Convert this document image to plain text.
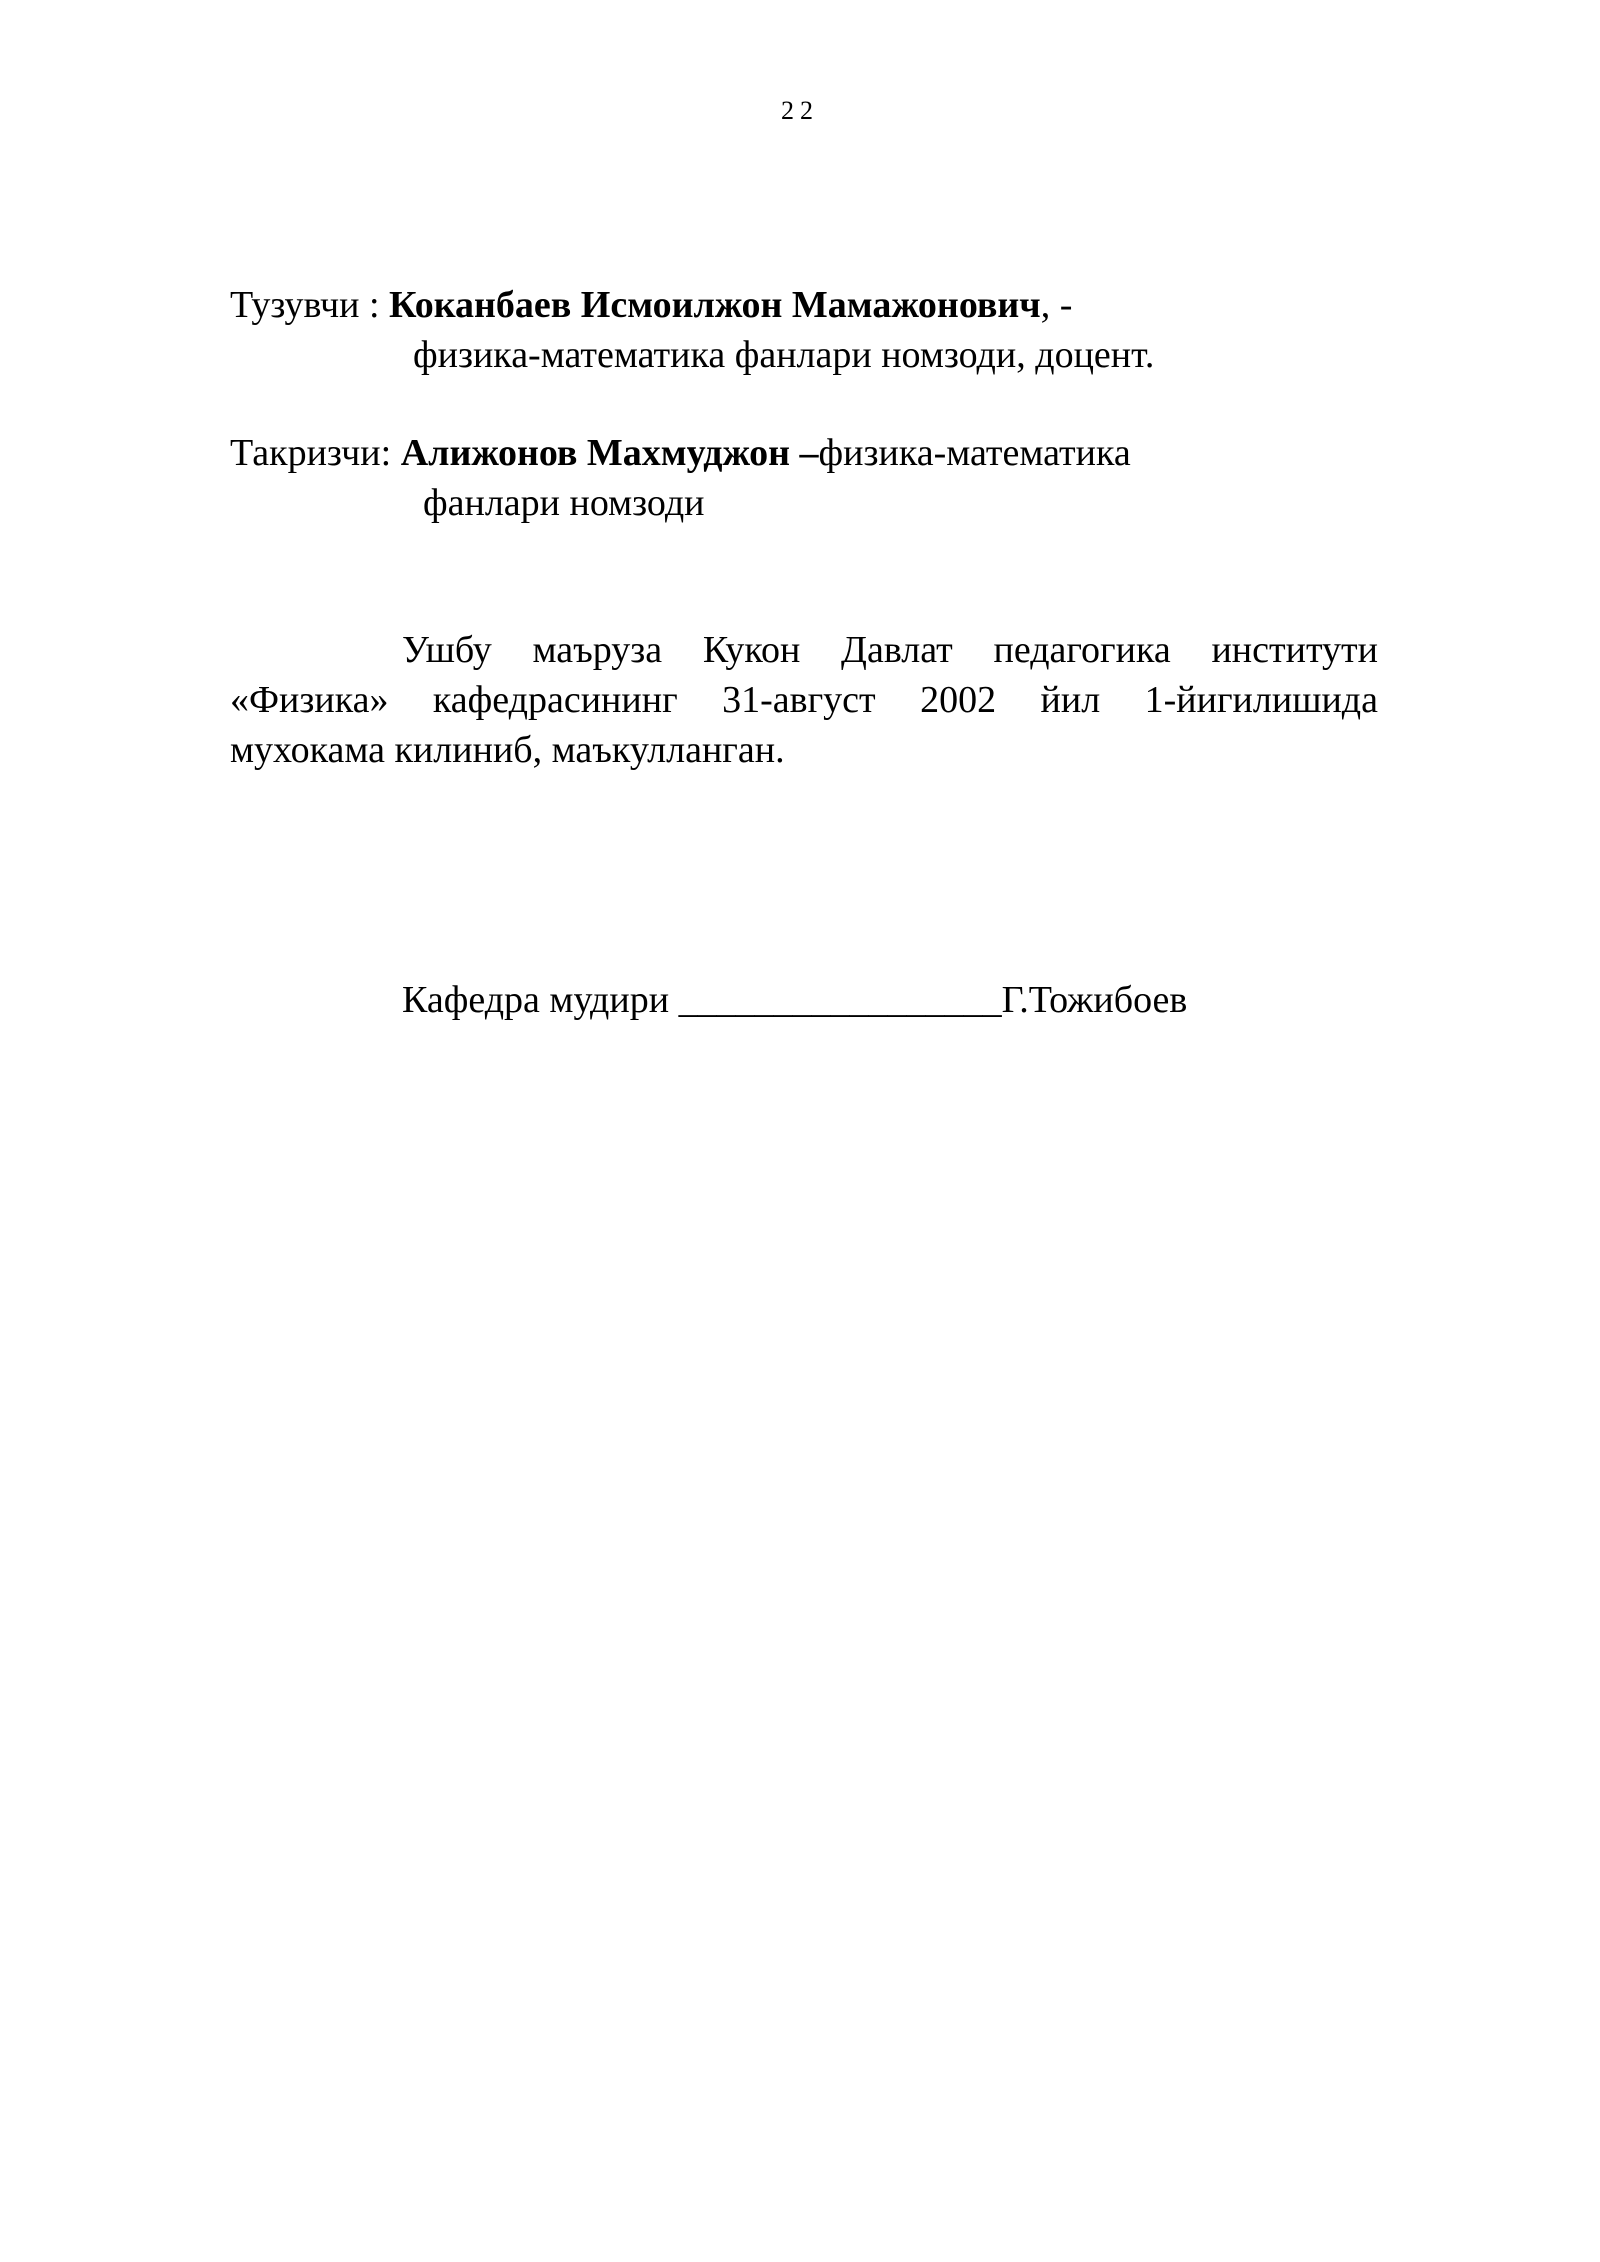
22
Тузувчи : Коканбаев Исмоилжон Мамажонович, -
физика-математика фанлари номзоди, доцент.
Такризчи: Алижонов Махмуджон –физика-математика
фанлари номзоди
Ушбу маъруза Кукон Давлат педагогика институти
«Физика» кафедрасининг 31-август 2002 йил 1-йигилишида
мухокама килиниб, маъкулланган.
Кафедра мудири _________________Г.Тожибоев
